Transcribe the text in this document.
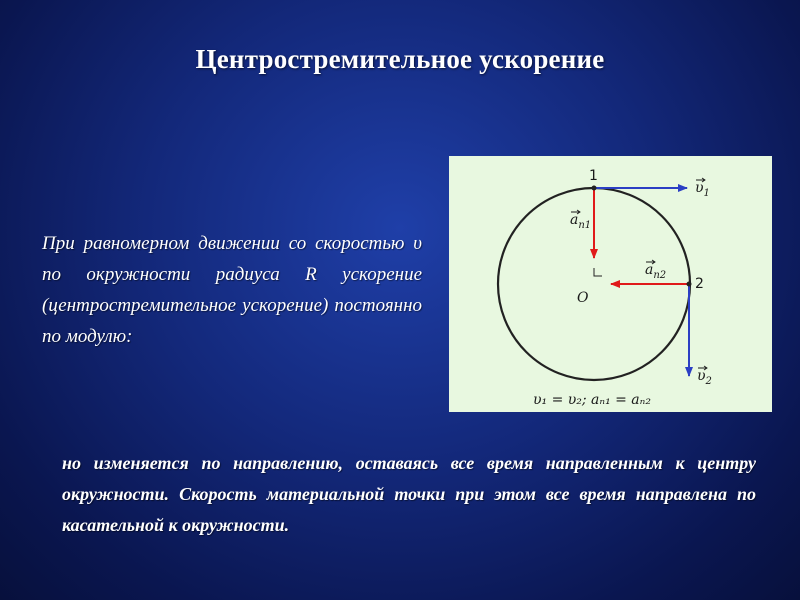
Центростремительное ускорение
При равномерном движении со скоростью υ по окружности радиуса R ускорение (центростремительное ускорение) постоянно по модулю:
1
2
O
$\upsilon_1$
$\upsilon_2$
$a_{n1}$
$a_{n2}$
υ₁ = υ₂; aₙ₁ = aₙ₂
но изменяется по направлению, оставаясь все время направленным к центру окружности. Скорость материальной точки при этом все время направлена по касательной к окружности.
